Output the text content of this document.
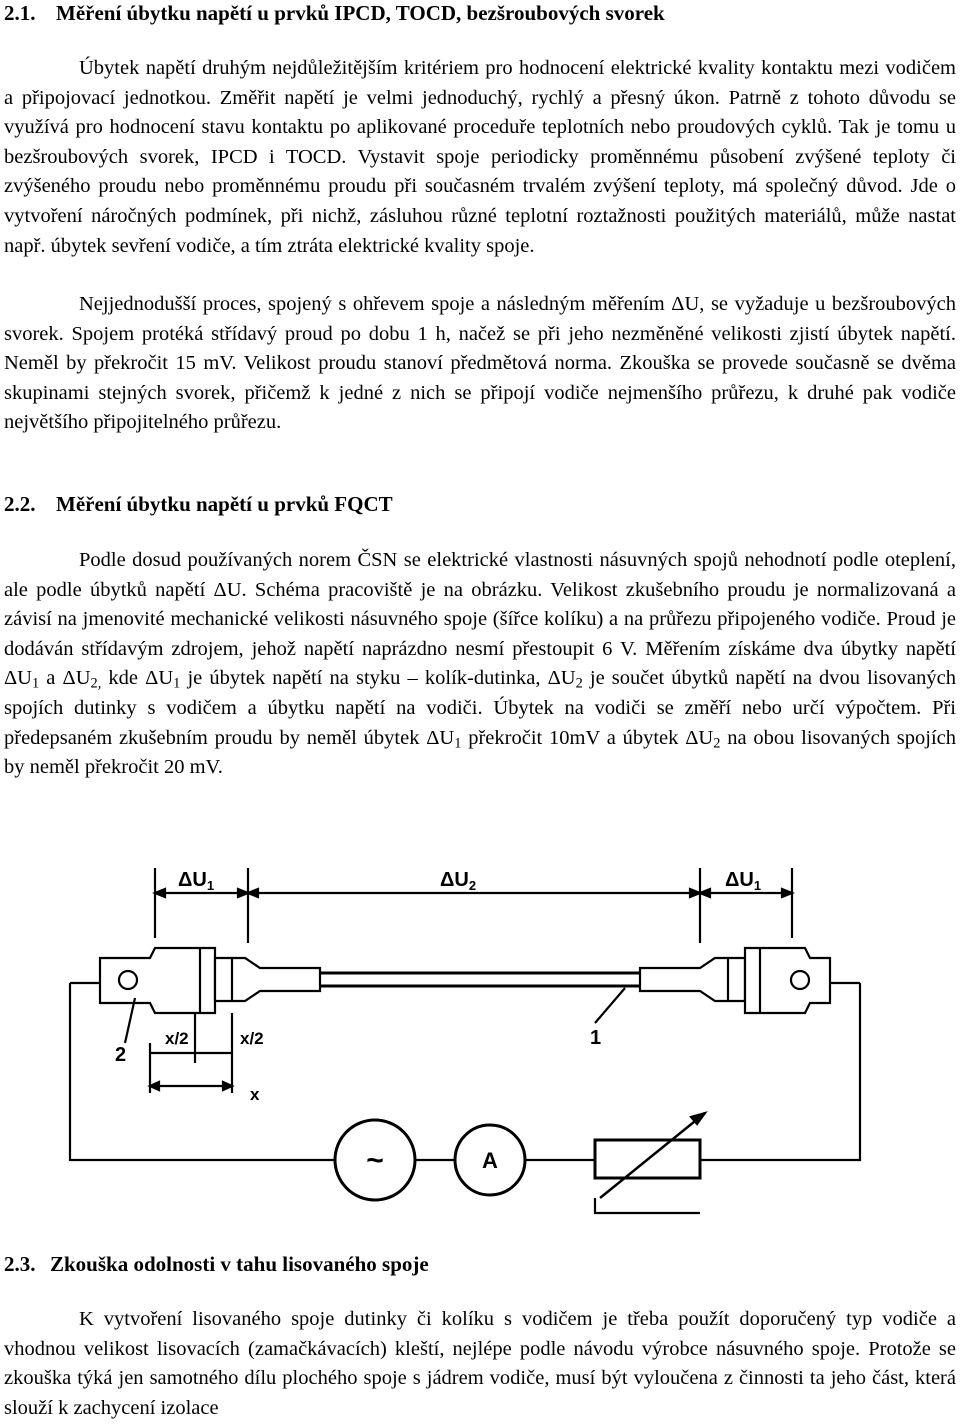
2.1. Měření úbytku napětí u prvků IPCD, TOCD, bezšroubových svorek

Úbytek napětí druhým nejdůležitějším kritériem pro hodnocení elektrické kvality kontaktu mezi vodičem a připojovací jednotkou. Změřit napětí je velmi jednoduchý, rychlý a přesný úkon. Patrně z tohoto důvodu se využívá pro hodnocení stavu kontaktu po aplikované proceduře teplotních nebo proudových cyklů. Tak je tomu u bezšroubových svorek, IPCD i TOCD. Vystavit spoje periodicky proměnnému působení zvýšené teploty či zvýšeného proudu nebo proměnnému proudu při současném trvalém zvýšení teploty, má společný důvod. Jde o vytvoření náročných podmínek, při nichž, zásluhou různé teplotní roztažnosti použitých materiálů, může nastat např. úbytek sevření vodiče, a tím ztráta elektrické kvality spoje.

Nejjednodušší proces, spojený s ohřevem spoje a následným měřením ΔU, se vyžaduje u bezšroubových svorek. Spojem protéká střídavý proud po dobu 1 h, načež se při jeho nezměněné velikosti zjistí úbytek napětí. Neměl by překročit 15 mV. Velikost proudu stanoví předmětová norma. Zkouška se provede současně se dvěma skupinami stejných svorek, přičemž k jedné z nich se připojí vodiče nejmenšího průřezu, k druhé pak vodiče největšího připojitelného průřezu.

2.2. Měření úbytku napětí u prvků FQCT

Podle dosud používaných norem ČSN se elektrické vlastnosti násuvných spojů nehodnotí podle oteplení, ale podle úbytků napětí ΔU. Schéma pracoviště je na obrázku. Velikost zkušebního proudu je normalizovaná a závisí na jmenovité mechanické velikosti násuvného spoje (šířce kolíku) a na průřezu připojeného vodiče. Proud je dodáván střídavým zdrojem, jehož napětí naprázdno nesmí přestoupit 6 V. Měřením získáme dva úbytky napětí $\Delta U_1$ a $\Delta U_{2,}$ kde $\Delta U_1$ je úbytek napětí na styku – kolík-dutinka, $\Delta U_2$ je součet úbytků napětí na dvou lisovaných spojích dutinky s vodičem a úbytku napětí na vodiči. Úbytek na vodiči se změří nebo určí výpočtem. Při předepsaném zkušebním proudu by neměl úbytek $\Delta U_1$ překročit 10mV a úbytek $\Delta U_2$ na obou lisovaných spojích by neměl překročit 20 mV.

$\Delta U_1$	$\Delta U_2$	$\Delta U_1$
x/2	x/2
x
1
2
~	A
2.3. Zkouška odolnosti v tahu lisovaného spoje

K vytvoření lisovaného spoje dutinky či kolíku s vodičem je třeba použít doporučený typ vodiče a vhodnou velikost lisovacích (zamačkávacích) kleští, nejlépe podle návodu výrobce násuvného spoje. Protože se zkouška týká jen samotného dílu plochého spoje s jádrem vodiče, musí být vyloučena z činnosti ta jeho část, která slouží k zachycení izolace
